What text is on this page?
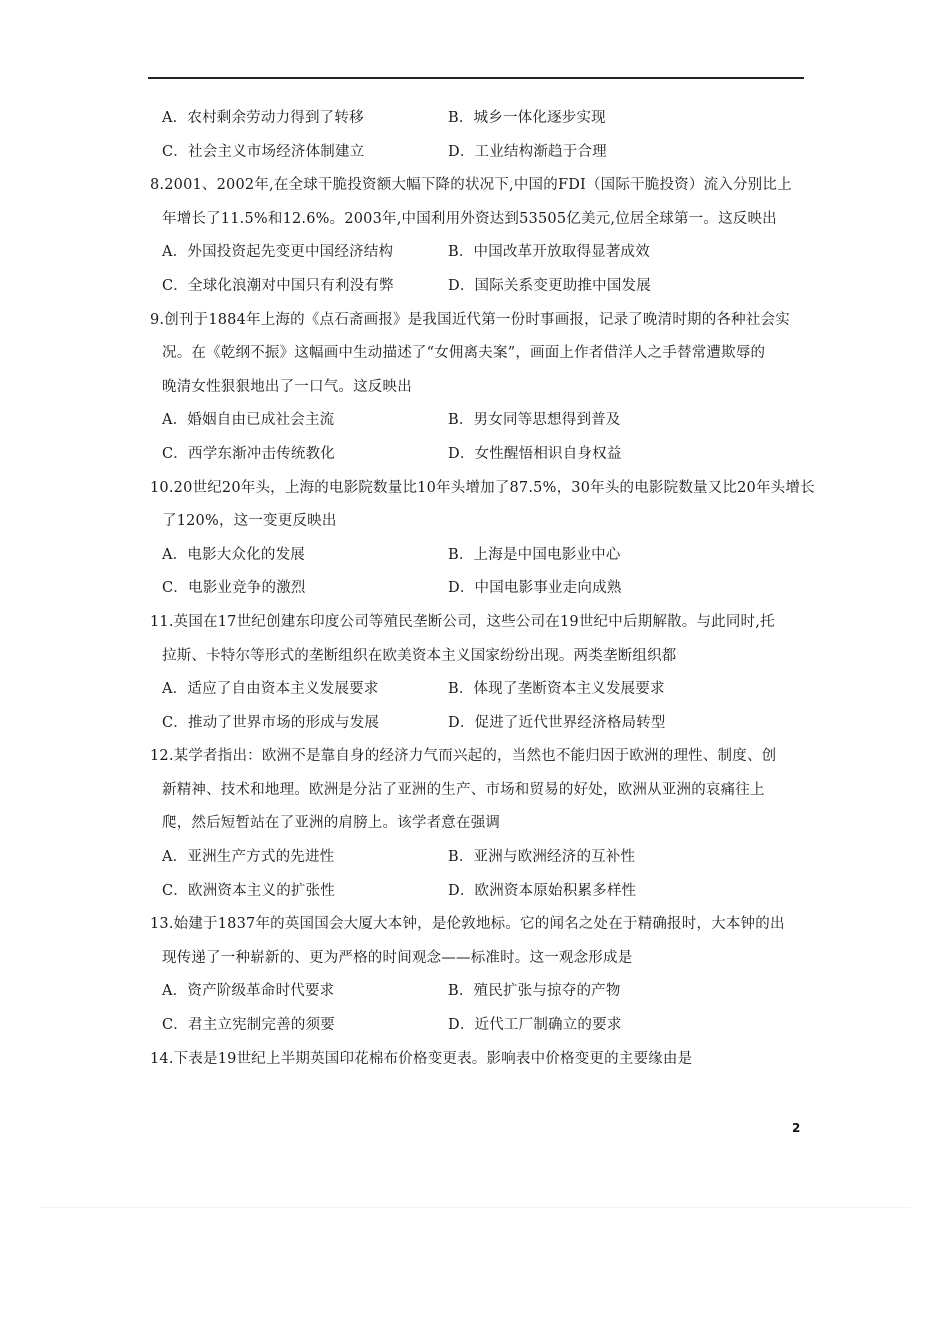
A．农村剩余劳动力得到了转移	B．城乡一体化逐步实现
C．社会主义市场经济体制建立	D．工业结构渐趋于合理
8.2001、2002年,在全球干脆投资额大幅下降的状况下,中国的FDI（国际干脆投资）流入分别比上
年增长了11.5%和12.6%。2003年,中国利用外资达到53505亿美元,位居全球第一。这反映出
A．外国投资起先变更中国经济结构	B．中国改革开放取得显著成效
C．全球化浪潮对中国只有利没有弊	D．国际关系变更助推中国发展
9.创刊于1884年上海的《点石斋画报》是我国近代第一份时事画报，记录了晚清时期的各种社会实
况。在《乾纲不振》这幅画中生动描述了“女佣离夫案”，画面上作者借洋人之手替常遭欺辱的
晚清女性狠狠地出了一口气。这反映出
A．婚姻自由已成社会主流	B．男女同等思想得到普及
C．西学东渐冲击传统教化	D．女性醒悟相识自身权益
10.20世纪20年头，上海的电影院数量比10年头增加了87.5%，30年头的电影院数量又比20年头增长
了120%，这一变更反映出
A．电影大众化的发展	B．上海是中国电影业中心
C．电影业竞争的激烈	D．中国电影事业走向成熟
11.英国在17世纪创建东印度公司等殖民垄断公司，这些公司在19世纪中后期解散。与此同时,托
拉斯、卡特尔等形式的垄断组织在欧美资本主义国家纷纷出现。两类垄断组织都
A．适应了自由资本主义发展要求	B．体现了垄断资本主义发展要求
C．推动了世界市场的形成与发展	D．促进了近代世界经济格局转型
12.某学者指出：欧洲不是靠自身的经济力气而兴起的，当然也不能归因于欧洲的理性、制度、创
新精神、技术和地理。欧洲是分沾了亚洲的生产、市场和贸易的好处，欧洲从亚洲的哀痛往上
爬，然后短暂站在了亚洲的肩膀上。该学者意在强调
A．亚洲生产方式的先进性	B．亚洲与欧洲经济的互补性
C．欧洲资本主义的扩张性	D．欧洲资本原始积累多样性
13.始建于1837年的英国国会大厦大本钟，是伦敦地标。它的闻名之处在于精确报时，大本钟的出
现传递了一种崭新的、更为严格的时间观念——标准时。这一观念形成是
A．资产阶级革命时代要求	B．殖民扩张与掠夺的产物
C．君主立宪制完善的须要	D．近代工厂制确立的要求
14.下表是19世纪上半期英国印花棉布价格变更表。影响表中价格变更的主要缘由是
2
